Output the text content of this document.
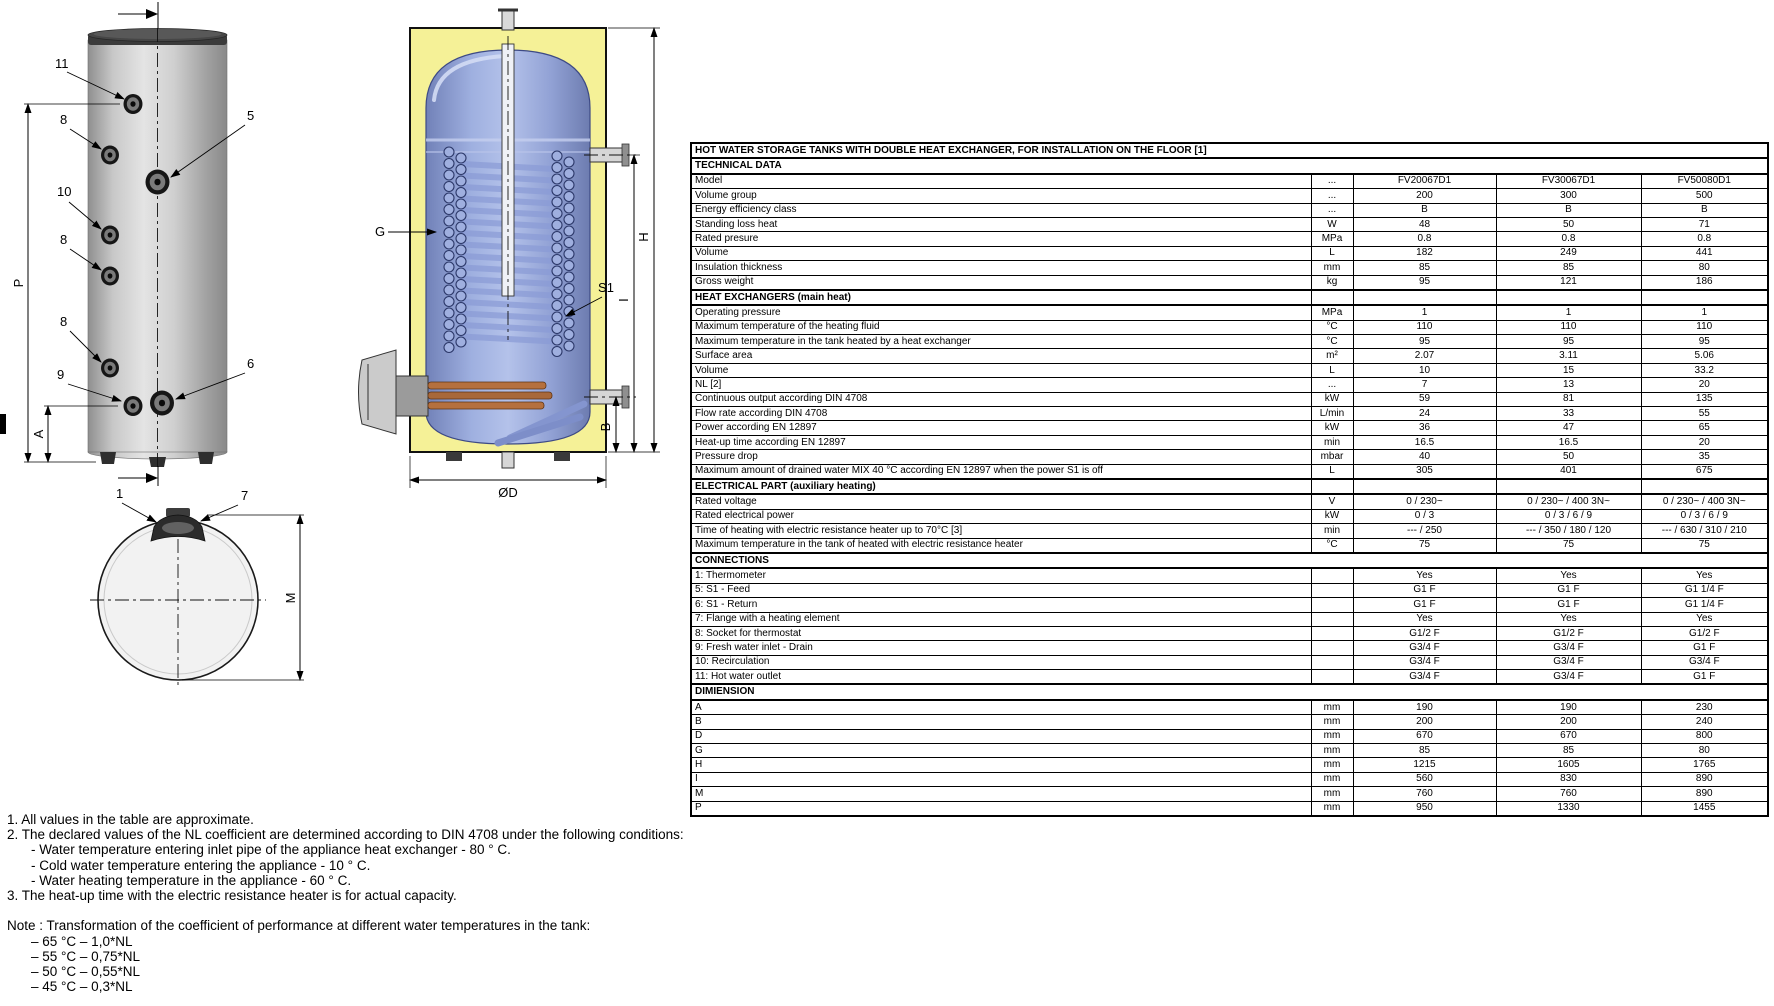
11
8	5
10
8
8
9
6
P
A
1	7
M
G
S1
H
I
B
ØD
HOT WATER STORAGE TANKS WITH DOUBLE HEAT EXCHANGER, FOR INSTALLATION ON THE FLOOR [1]				
TECHNICAL DATA				
Model	...	FV20067D1	FV30067D1	FV50080D1
Volume group	...	200	300	500
Energy efficiency class	...	B	B	B
Standing loss heat	W	48	50	71
Rated presure	MPa	0.8	0.8	0.8
Volume	L	182	249	441
Insulation thickness	mm	85	85	80
Gross weight	kg	95	121	186
HEAT EXCHANGERS (main heat)				
Operating pressure	MPa	1	1	1
Maximum temperature of the heating fluid	°C	110	110	110
Maximum temperature in the tank heated by a heat exchanger	°C	95	95	95
Surface area	m²	2.07	3.11	5.06
Volume	L	10	15	33.2
NL [2]	...	7	13	20
Continuous output according DIN 4708	kW	59	81	135
Flow rate according DIN 4708	L/min	24	33	55
Power according EN 12897	kW	36	47	65
Heat-up time according EN 12897	min	16.5	16.5	20
Pressure drop	mbar	40	50	35
Maximum amount of drained water MIX 40 °C according EN 12897 when the power S1 is off	L	305	401	675
ELECTRICAL PART (auxiliary heating)				
Rated voltage	V	0 / 230~	0 / 230~ / 400 3N~	0 / 230~ / 400 3N~
Rated electrical power	kW	0 / 3	0 / 3 / 6 / 9	0 / 3 / 6 / 9
Time of heating with electric resistance heater up to 70°C [3]	min	--- / 250	--- / 350 / 180 / 120	--- / 630 / 310 / 210
Maximum temperature in the tank of heated with electric resistance heater	°C	75	75	75
CONNECTIONS				
1: Thermometer		Yes	Yes	Yes
5: S1 - Feed		G1 F	G1 F	G1 1/4 F
6: S1 - Return		G1 F	G1 F	G1 1/4 F
7: Flange with a heating element		Yes	Yes	Yes
8: Socket for thermostat		G1/2 F	G1/2 F	G1/2 F
9: Fresh water inlet - Drain		G3/4 F	G3/4 F	G1 F
10: Recirculation		G3/4 F	G3/4 F	G3/4 F
11: Hot water outlet		G3/4 F	G3/4 F	G1 F
DIMIENSION				
A	mm	190	190	230
B	mm	200	200	240
D	mm	670	670	800
G	mm	85	85	80
H	mm	1215	1605	1765
I	mm	560	830	890
M	mm	760	760	890
P	mm	950	1330	1455
1. All values in the table are approximate.
2. The declared values of the NL coefficient are determined according to DIN 4708 under the following conditions:
- Water temperature entering inlet pipe of the appliance heat exchanger - 80 ° C.
- Cold water temperature entering the appliance - 10 ° C.
- Water heating temperature in the appliance - 60 ° C.
3. The heat-up time with the electric resistance heater is for actual capacity.

Note : Transformation of the coefficient of performance at different water temperatures in the tank:
– 65 °C – 1,0*NL
– 55 °C – 0,75*NL
– 50 °C – 0,55*NL
– 45 °C – 0,3*NL
